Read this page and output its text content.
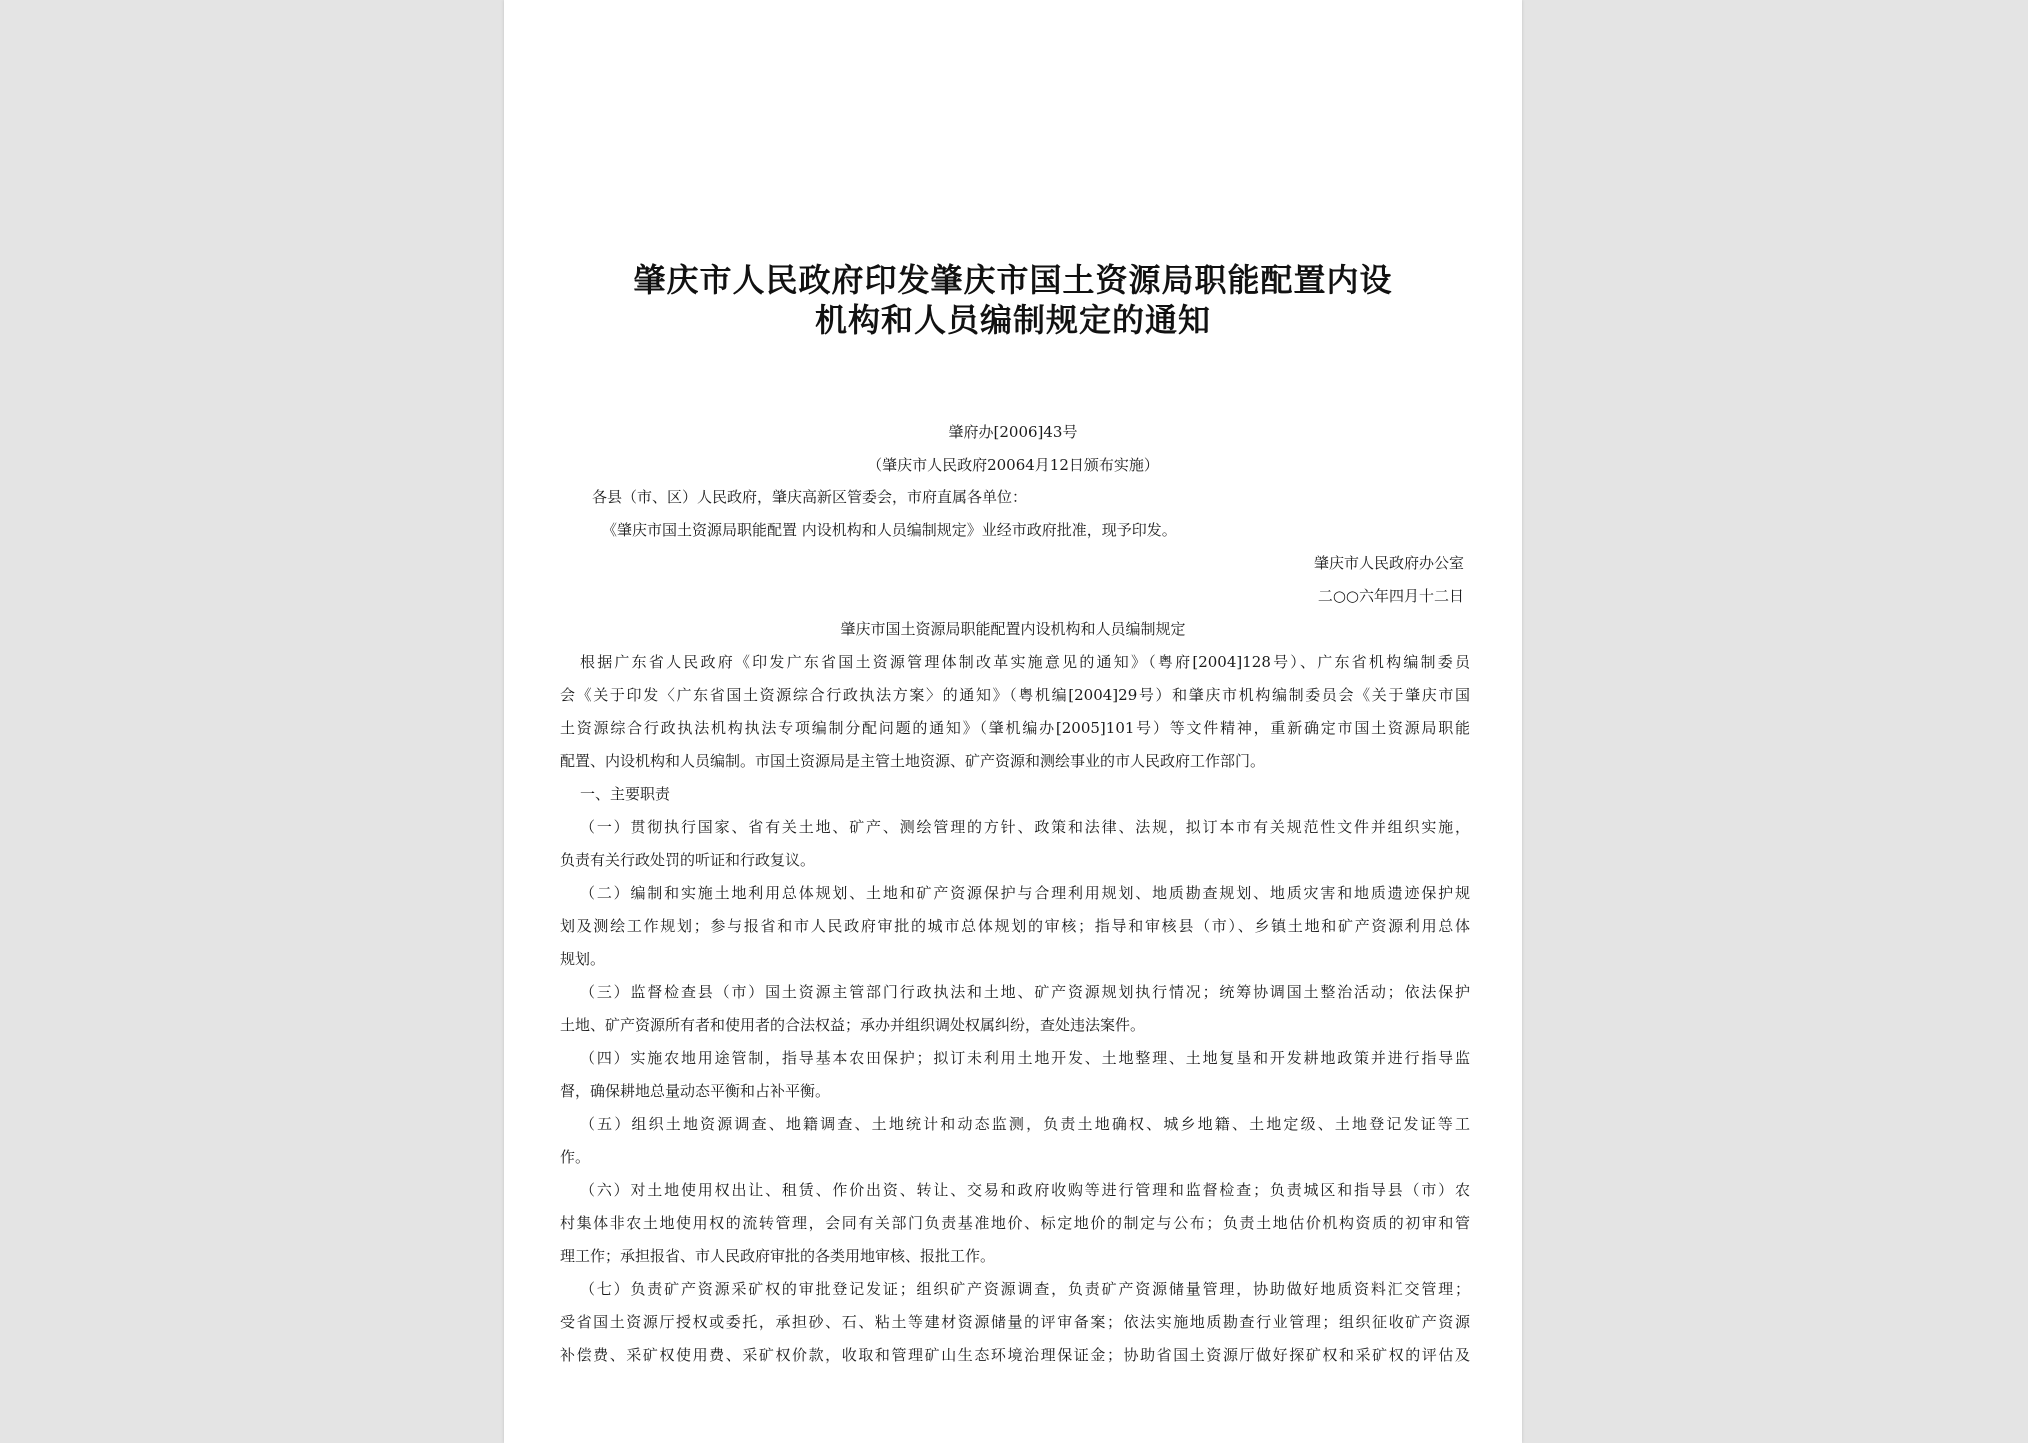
肇庆市人民政府印发肇庆市国土资源局职能配置内设
机构和人员编制规定的通知
肇府办[2006]43号
（肇庆市人民政府20064月12日颁布实施）
各县（市、区）人民政府，肇庆高新区管委会，市府直属各单位：
《肇庆市国土资源局职能配置 内设机构和人员编制规定》业经市政府批准，现予印发。
肇庆市人民政府办公室
二○○六年四月十二日
肇庆市国土资源局职能配置内设机构和人员编制规定
根据广东省人民政府《印发广东省国土资源管理体制改革实施意见的通知》（粤府[2004]128号）、广东省机构编制委员
会《关于印发〈广东省国土资源综合行政执法方案〉的通知》（粤机编[2004]29号）和肇庆市机构编制委员会《关于肇庆市国
土资源综合行政执法机构执法专项编制分配问题的通知》（肇机编办[2005]101号）等文件精神，重新确定市国土资源局职能
配置、内设机构和人员编制。市国土资源局是主管土地资源、矿产资源和测绘事业的市人民政府工作部门。
一、主要职责
（一）贯彻执行国家、省有关土地、矿产、测绘管理的方针、政策和法律、法规，拟订本市有关规范性文件并组织实施，
负责有关行政处罚的听证和行政复议。
（二）编制和实施土地利用总体规划、土地和矿产资源保护与合理利用规划、地质勘查规划、地质灾害和地质遗迹保护规
划及测绘工作规划；参与报省和市人民政府审批的城市总体规划的审核；指导和审核县（市）、乡镇土地和矿产资源利用总体
规划。
（三）监督检查县（市）国土资源主管部门行政执法和土地、矿产资源规划执行情况；统筹协调国土整治活动；依法保护
土地、矿产资源所有者和使用者的合法权益；承办并组织调处权属纠纷，查处违法案件。
（四）实施农地用途管制，指导基本农田保护；拟订未利用土地开发、土地整理、土地复垦和开发耕地政策并进行指导监
督，确保耕地总量动态平衡和占补平衡。
（五）组织土地资源调查、地籍调查、土地统计和动态监测，负责土地确权、城乡地籍、土地定级、土地登记发证等工
作。
（六）对土地使用权出让、租赁、作价出资、转让、交易和政府收购等进行管理和监督检查；负责城区和指导县（市）农
村集体非农土地使用权的流转管理，会同有关部门负责基准地价、标定地价的制定与公布；负责土地估价机构资质的初审和管
理工作；承担报省、市人民政府审批的各类用地审核、报批工作。
（七）负责矿产资源采矿权的审批登记发证；组织矿产资源调查，负责矿产资源储量管理，协助做好地质资料汇交管理；
受省国土资源厅授权或委托，承担砂、石、粘土等建材资源储量的评审备案；依法实施地质勘查行业管理；组织征收矿产资源
补偿费、采矿权使用费、采矿权价款，收取和管理矿山生态环境治理保证金；协助省国土资源厅做好探矿权和采矿权的评估及
